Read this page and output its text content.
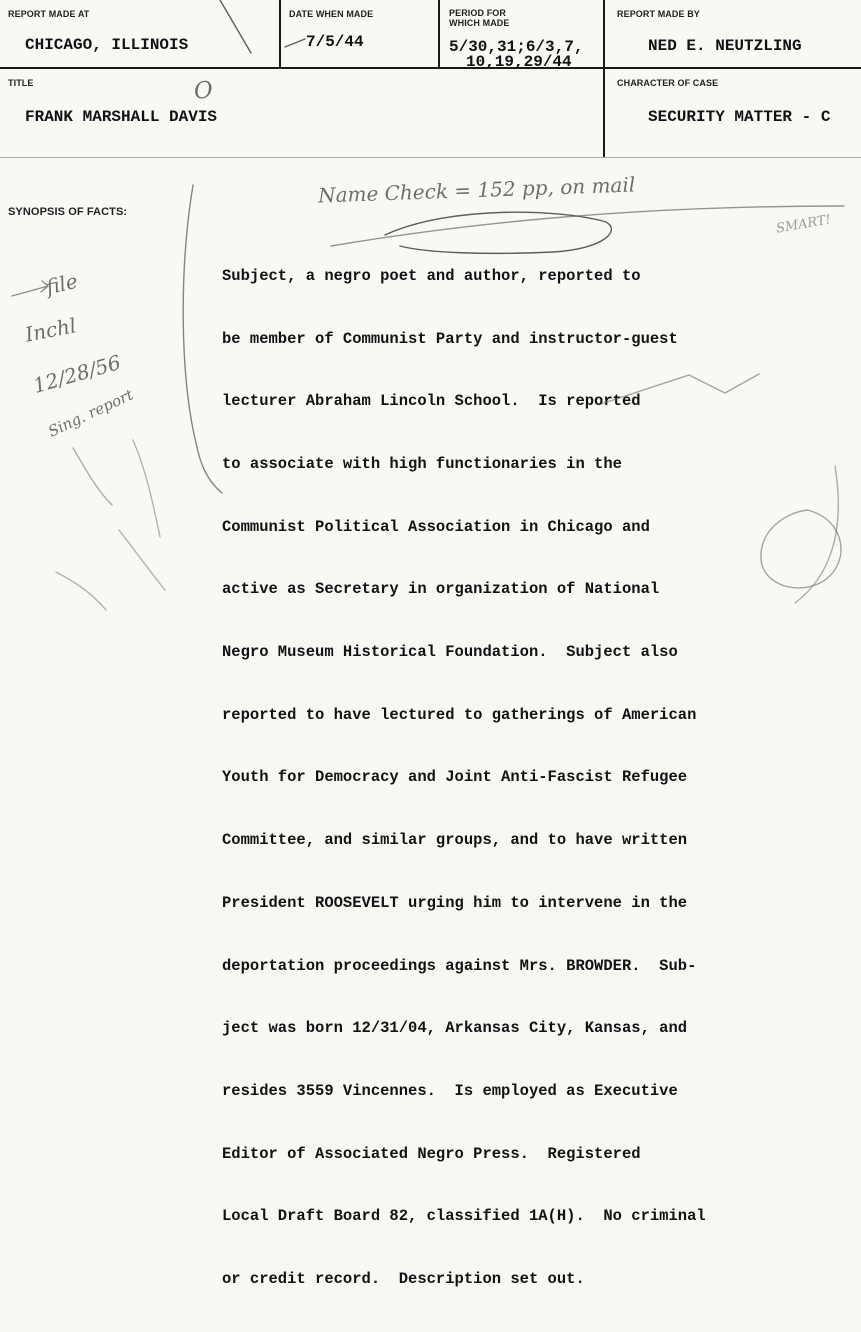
REPORT MADE AT
CHICAGO, ILLINOIS
DATE WHEN MADE
7/5/44
PERIOD FOR
WHICH MADE
5/30,31;6/3,7,
10,19,29/44
REPORT MADE BY
NED E. NEUTZLING
TITLE
FRANK MARSHALL DAVIS
CHARACTER OF CASE
SECURITY MATTER - C
SYNOPSIS OF FACTS:

Subject, a negro poet and author, reported to

be member of Communist Party and instructor-guest

lecturer Abraham Lincoln School.  Is reported

to associate with high functionaries in the

Communist Political Association in Chicago and

active as Secretary in organization of National

Negro Museum Historical Foundation.  Subject also

reported to have lectured to gatherings of American

Youth for Democracy and Joint Anti-Fascist Refugee

Committee, and similar groups, and to have written

President ROOSEVELT urging him to intervene in the

deportation proceedings against Mrs. BROWDER.  Sub-

ject was born 12/31/04, Arkansas City, Kansas, and

resides 3559 Vincennes.  Is employed as Executive

Editor of Associated Negro Press.  Registered

Local Draft Board 82, classified 1A(H).  No criminal

or credit record.  Description set out.

Name Check = 152 pp, on mail
SMART!
file
Inchl
12/28/56
Sing. report
O
